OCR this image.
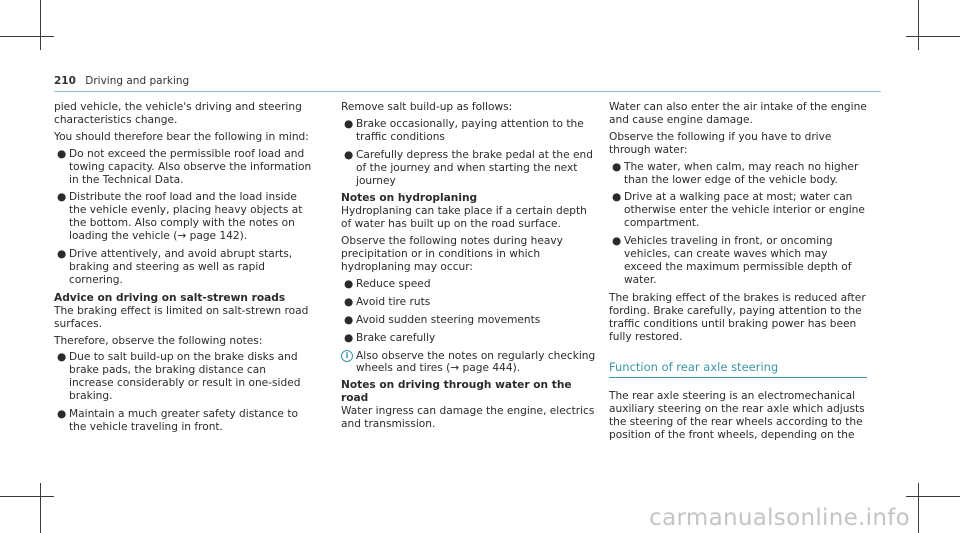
210 Driving and parking

pied vehicle, the vehicle's driving and steering characteristics change.

You should therefore bear the following in mind:

● Do not exceed the permissible roof load and towing capacity. Also observe the information in the Technical Data.
● Distribute the roof load and the load inside the vehicle evenly, placing heavy objects at the bottom. Also comply with the notes on loading the vehicle (→ page 142).
● Drive attentively, and avoid abrupt starts, braking and steering as well as rapid cornering.
Advice on driving on salt-strewn roads

The braking effect is limited on salt-strewn road surfaces.

Therefore, observe the following notes:

● Due to salt build-up on the brake disks and brake pads, the braking distance can increase considerably or result in one-sided braking.
● Maintain a much greater safety distance to the vehicle traveling in front.

Remove salt build-up as follows:

● Brake occasionally, paying attention to the traffic conditions
● Carefully depress the brake pedal at the end of the journey and when starting the next journey
Notes on hydroplaning

Hydroplaning can take place if a certain depth of water has built up on the road surface.

Observe the following notes during heavy precipitation or in conditions in which hydroplaning may occur:

● Reduce speed
● Avoid tire ruts
● Avoid sudden steering movements
● Brake carefully

i Also observe the notes on regularly checking wheels and tires (→ page 444).

Notes on driving through water on the road

Water ingress can damage the engine, electrics and transmission.

Water can also enter the air intake of the engine and cause engine damage.

Observe the following if you have to drive through water:

● The water, when calm, may reach no higher than the lower edge of the vehicle body.
● Drive at a walking pace at most; water can otherwise enter the vehicle interior or engine compartment.
● Vehicles traveling in front, or oncoming vehicles, can create waves which may exceed the maximum permissible depth of water.

The braking effect of the brakes is reduced after fording. Brake carefully, paying attention to the traffic conditions until braking power has been fully restored.

Function of rear axle steering

The rear axle steering is an electromechanical auxiliary steering on the rear axle which adjusts the steering of the rear wheels according to the position of the front wheels, depending on the

carmanualsonline.info
